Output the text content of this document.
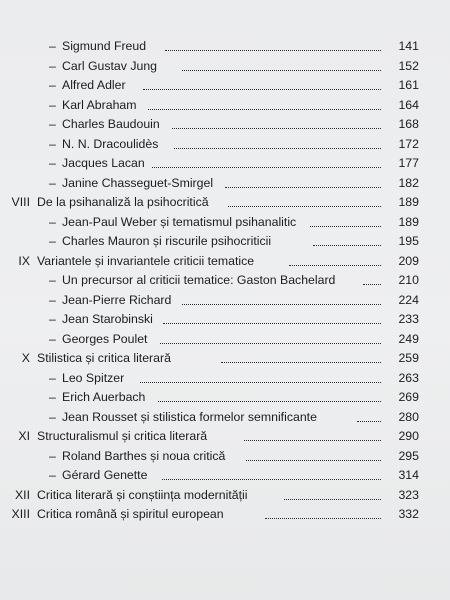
– Sigmund Freud	141
– Carl Gustav Jung	152
– Alfred Adler	161
– Karl Abraham	164
– Charles Baudouin	168
– N. N. Dracoulidès	172
– Jacques Lacan	177
– Janine Chasseguet-Smirgel	182
VIII De la psihanaliză la psihocritică	189
– Jean-Paul Weber și tematismul psihanalitic	189
– Charles Mauron și riscurile psihocriticii	195
IX Variantele și invariantele criticii tematice	209
– Un precursor al criticii tematice: Gaston Bachelard	210
– Jean-Pierre Richard	224
– Jean Starobinski	233
– Georges Poulet	249
X Stilistica și critica literară	259
– Leo Spitzer	263
– Erich Auerbach	269
– Jean Rousset și stilistica formelor semnificante	280
XI Structuralismul și critica literară	290
– Roland Barthes și noua critică	295
– Gérard Genette	314
XII Critica literară și conștiința modernității	323
XIII Critica română și spiritul european	332
